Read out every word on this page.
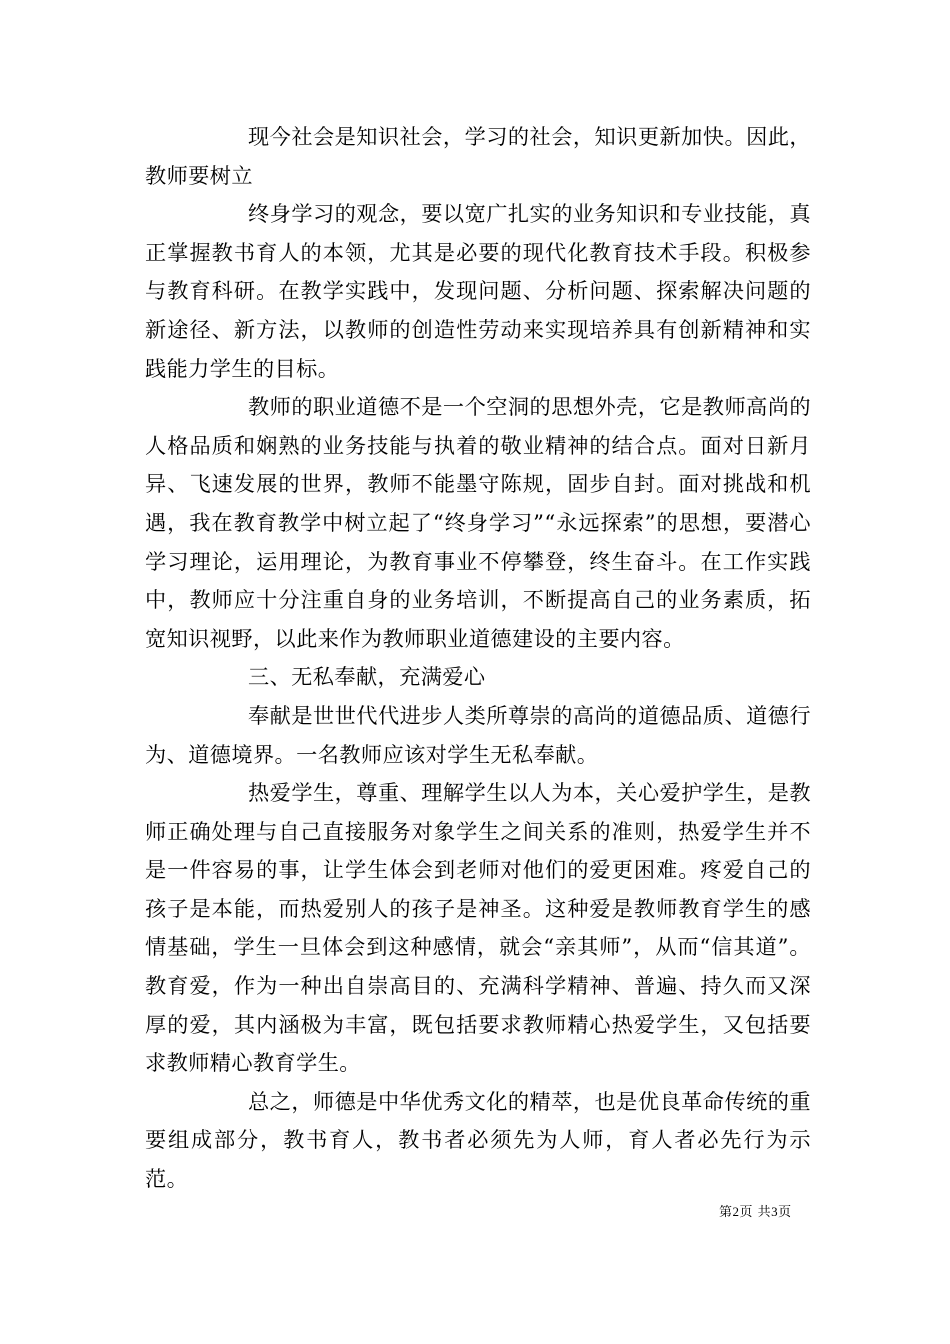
现今社会是知识社会，学习的社会，知识更新加快。因此，教师要树立

终身学习的观念，要以宽广扎实的业务知识和专业技能，真正掌握教书育人的本领，尤其是必要的现代化教育技术手段。积极参与教育科研。在教学实践中，发现问题、分析问题、探索解决问题的新途径、新方法，以教师的创造性劳动来实现培养具有创新精神和实践能力学生的目标。

教师的职业道德不是一个空洞的思想外壳，它是教师高尚的人格品质和娴熟的业务技能与执着的敬业精神的结合点。面对日新月异、飞速发展的世界，教师不能墨守陈规，固步自封。面对挑战和机遇，我在教育教学中树立起了“终身学习”“永远探索”的思想，要潜心学习理论，运用理论，为教育事业不停攀登，终生奋斗。在工作实践中，教师应十分注重自身的业务培训，不断提高自己的业务素质，拓宽知识视野，以此来作为教师职业道德建设的主要内容。

三、无私奉献，充满爱心

奉献是世世代代进步人类所尊崇的高尚的道德品质、道德行为、道德境界。一名教师应该对学生无私奉献。

热爱学生，尊重、理解学生以人为本，关心爱护学生，是教师正确处理与自己直接服务对象学生之间关系的准则，热爱学生并不是一件容易的事，让学生体会到老师对他们的爱更困难。疼爱自己的孩子是本能，而热爱别人的孩子是神圣。这种爱是教师教育学生的感情基础，学生一旦体会到这种感情，就会“亲其师”，从而“信其道”。教育爱，作为一种出自崇高目的、充满科学精神、普遍、持久而又深厚的爱，其内涵极为丰富，既包括要求教师精心热爱学生，又包括要求教师精心教育学生。

总之，师德是中华优秀文化的精萃，也是优良革命传统的重要组成部分，教书育人，教书者必须先为人师，育人者必先行为示范。

第2页 共3页
